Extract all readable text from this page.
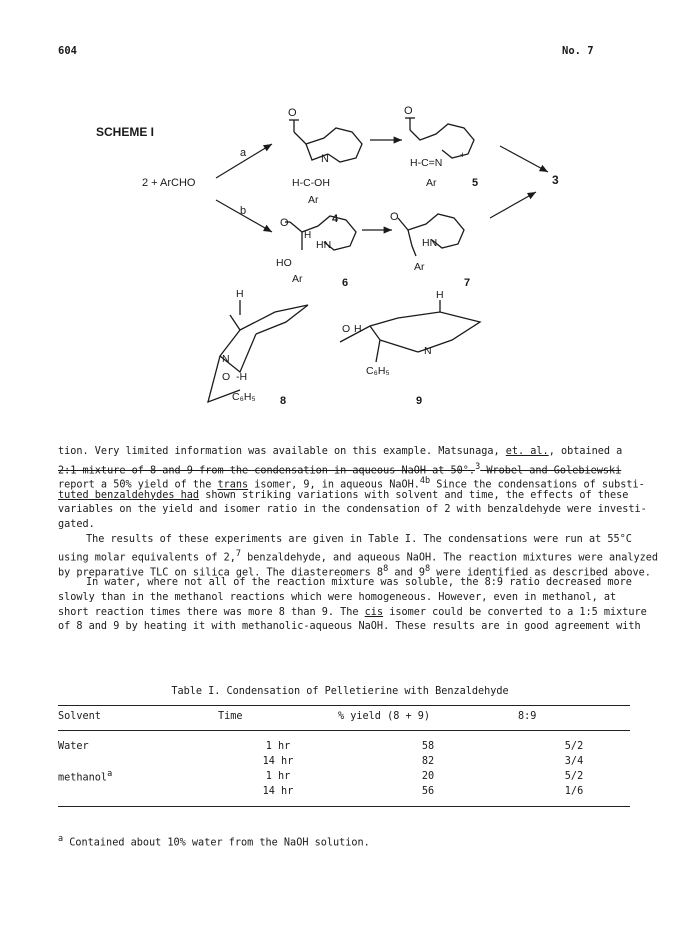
604	No. 7
SCHEME I
2 + ArCHO
a
b
3
O
N
H-C-OH
Ar
4
O
H-C=N
+
Ar	5
O
H
HN
HO
Ar	6
O
HN
Ar
7
H
N
O -H
C₆H₅ 8
O H
H
N
C₆H₅
9
tion. Very limited information was available on this example. Matsunaga, et. al., obtained a
2:1 mixture of 8 and 9 from the condensation in aqueous NaOH at 50°.$^3$ Wrobel and Golebiewski
report a 50% yield of the trans isomer, 9, in aqueous NaOH.$^{4b}$ Since the condensations of substi-
tuted benzaldehydes had shown striking variations with solvent and time, the effects of these
variables on the yield and isomer ratio in the condensation of 2 with benzaldehyde were investi-
gated.
The results of these experiments are given in Table I. The condensations were run at 55°C
using molar equivalents of 2,$^7$ benzaldehyde, and aqueous NaOH. The reaction mixtures were analyzed
by preparative TLC on silica gel. The diastereomers $8^8$ and $9^8$ were identified as described above.
In water, where not all of the reaction mixture was soluble, the 8:9 ratio decreased more
slowly than in the methanol reactions which were homogeneous. However, even in methanol, at
short reaction times there was more 8 than 9. The cis isomer could be converted to a 1:5 mixture
of 8 and 9 by heating it with methanolic-aqueous NaOH. These results are in good agreement with
Table I. Condensation of Pelletierine with Benzaldehyde
Solvent	Time	% yield (8 + 9)	8:9
Water	1 hr	58	5/2
	14 hr	82	3/4
methanol$^a$	1 hr	20	5/2
	14 hr	56	1/6
$^a$ Contained about 10% water from the NaOH solution.
